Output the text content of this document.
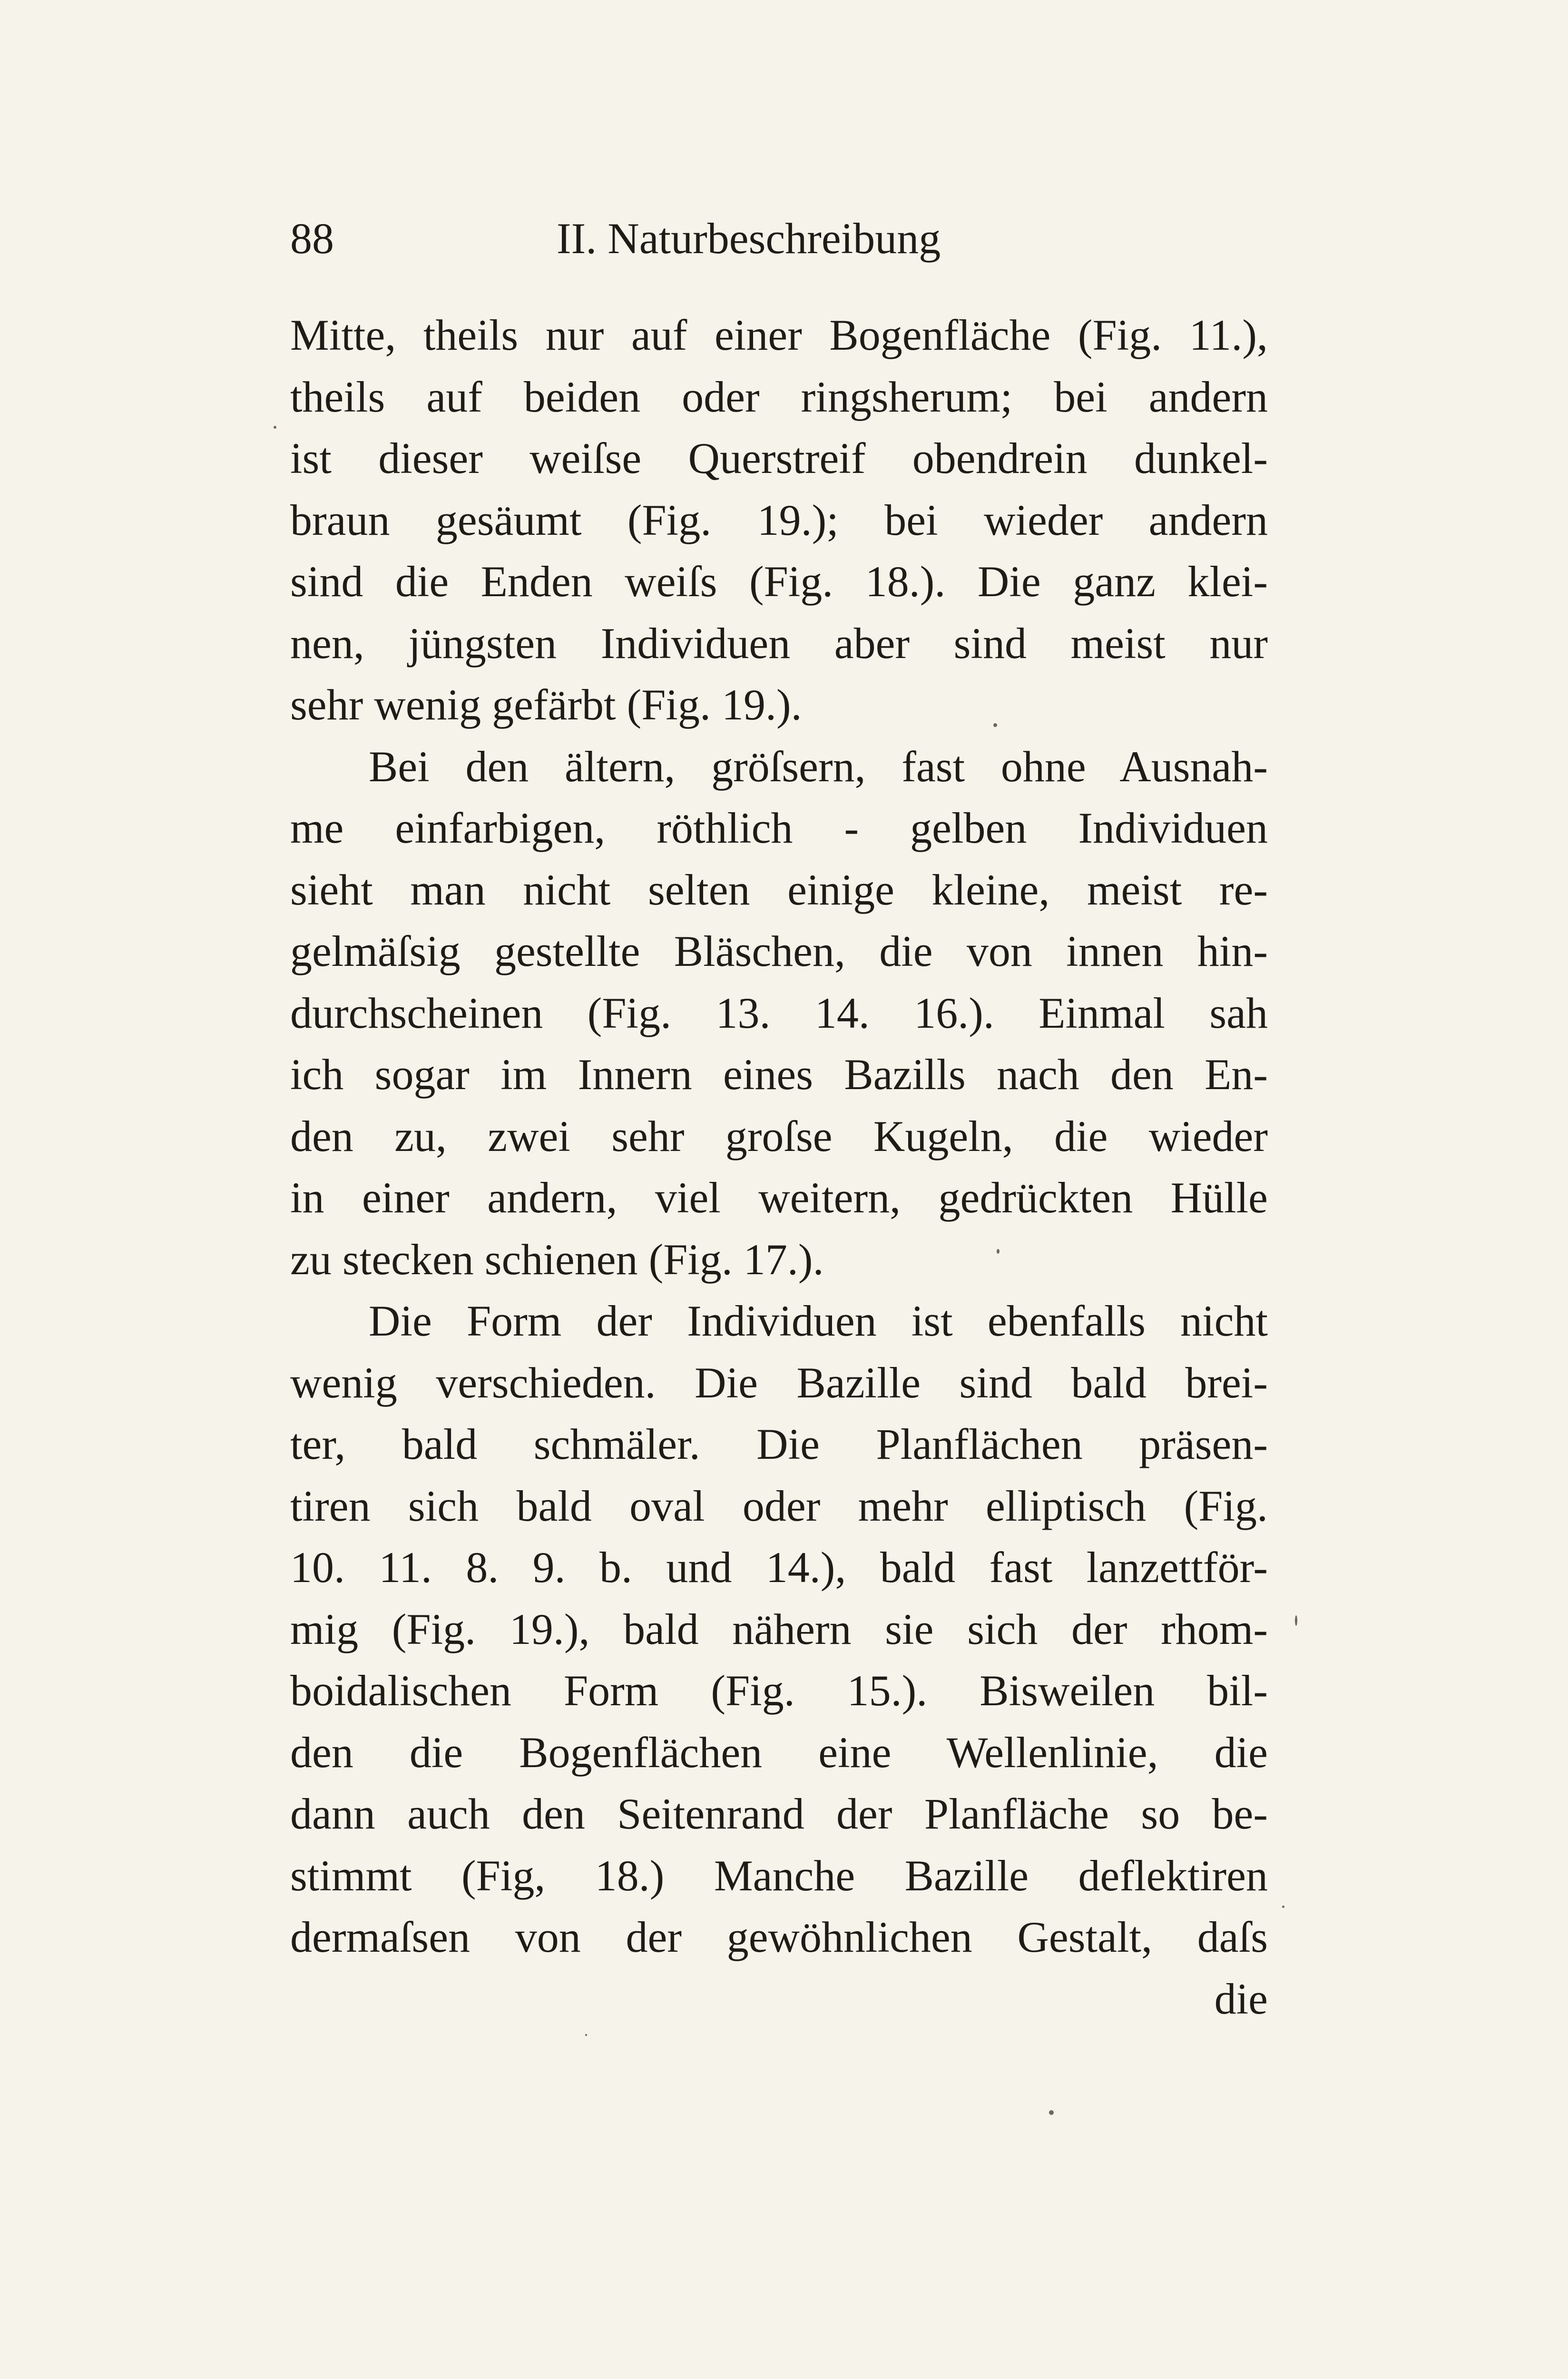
88	II. Naturbeschreibung
Mitte, theils nur auf einer Bogenfläche (Fig. 11.),
theils auf beiden oder ringsherum; bei andern
ist dieser weiſse Querstreif obendrein dunkel-
braun gesäumt (Fig. 19.); bei wieder andern
sind die Enden weiſs (Fig. 18.). Die ganz klei-
nen, jüngsten Individuen aber sind meist nur
sehr wenig gefärbt (Fig. 19.).
Bei den ältern, gröſsern, fast ohne Ausnah-
me einfarbigen, röthlich - gelben Individuen
sieht man nicht selten einige kleine, meist re-
gelmäſsig gestellte Bläschen, die von innen hin-
durchscheinen (Fig. 13. 14. 16.). Einmal sah
ich sogar im Innern eines Bazills nach den En-
den zu, zwei sehr groſse Kugeln, die wieder
in einer andern, viel weitern, gedrückten Hülle
zu stecken schienen (Fig. 17.).
Die Form der Individuen ist ebenfalls nicht
wenig verschieden. Die Bazille sind bald brei-
ter, bald schmäler. Die Planflächen präsen-
tiren sich bald oval oder mehr elliptisch (Fig.
10. 11. 8. 9. b. und 14.), bald fast lanzettför-
mig (Fig. 19.), bald nähern sie sich der rhom-
boidalischen Form (Fig. 15.). Bisweilen bil-
den die Bogenflächen eine Wellenlinie, die
dann auch den Seitenrand der Planfläche so be-
stimmt (Fig, 18.) Manche Bazille deflektiren
dermaſsen von der gewöhnlichen Gestalt, daſs
die
